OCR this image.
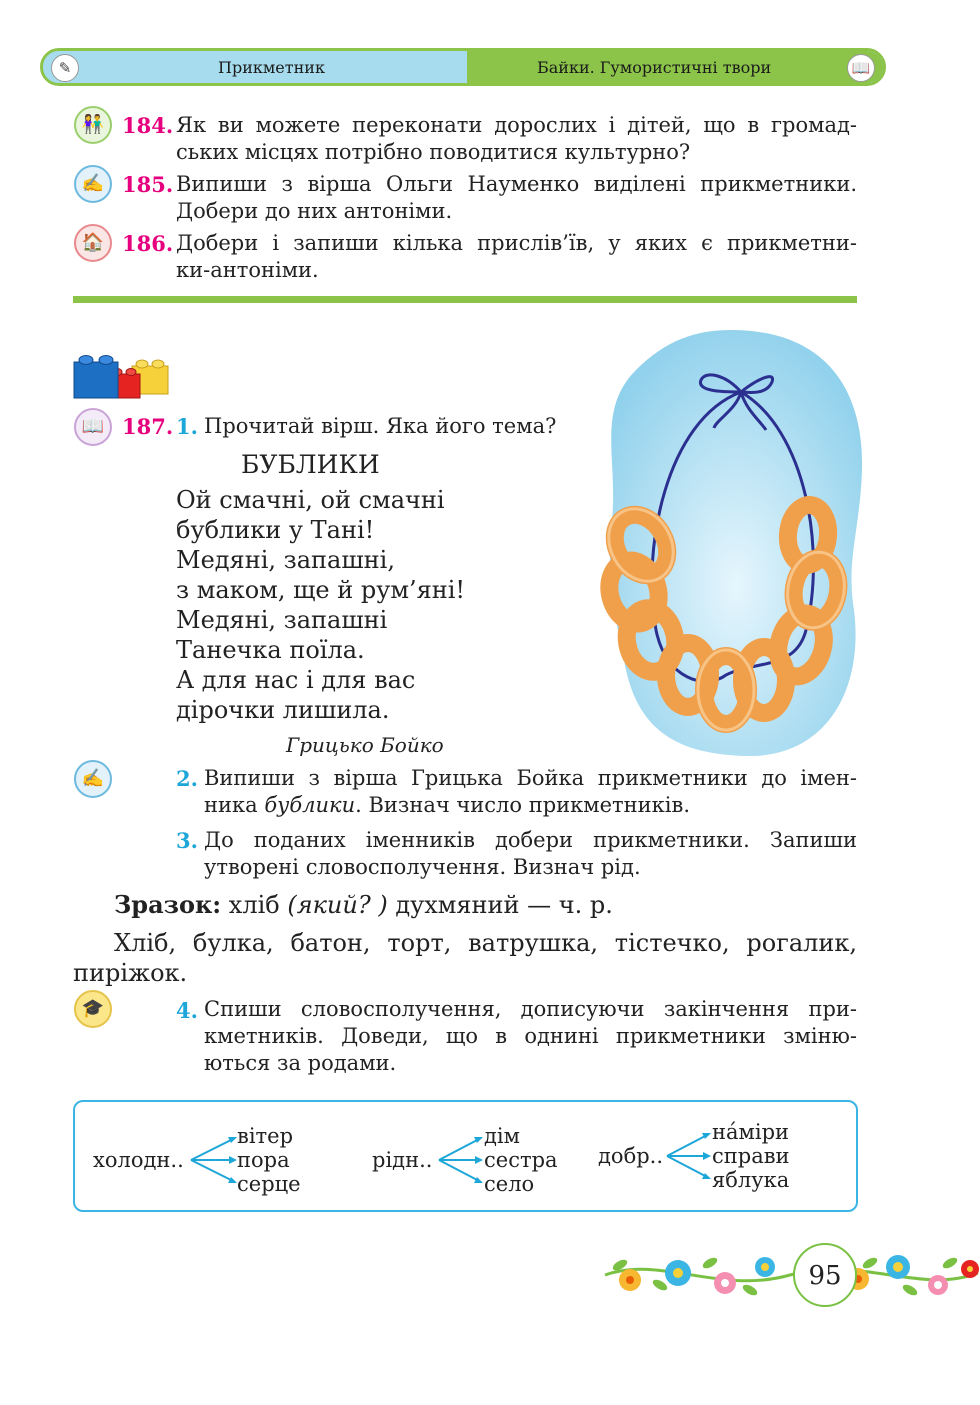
✎	Прикметник	Байки. Гумористичні твори	📖
👫 184. Як ви можете переконати дорослих і дітей, що в громад-
ських місцях потрібно поводитися культурно?
✍ 185. Випиши з вірша Ольги Науменко виділені прикметники.
Добери до них антоніми.
🏠 186. Добери і запиши кілька прислів’їв, у яких є прикметни-
ки-антоніми.
📖 187. 1. Прочитай вірш. Яка його тема?
БУБЛИКИ
Ой смачні, ой смачні
бублики у Тані!
Медяні, запашні,
з маком, ще й рум’яні!
Медяні, запашні
Танечка поїла.
А для нас і для вас
дірочки лишила.
Грицько Бойко
✍	2. Випиши з вірша Грицька Бойка прикметники до імен-
ника бублики. Визнач число прикметників.
3. До поданих іменників добери прикметники. Запиши
утворені словосполучення. Визнач рід.
Зразок: хліб (який? ) духмяний — ч. р.
Хліб, булка, батон, торт, ватрушка, тістечко, рогалик,
пиріжок.
🎓	4. Спиши словосполучення, дописуючи закінчення при-
кметників. Доведи, що в однині прикметники зміню-
ються за родами.
холодн..
вітер
пора
серце
рідн..
дім
сестра
село
добр..
на́міри
справи
яблука
95
